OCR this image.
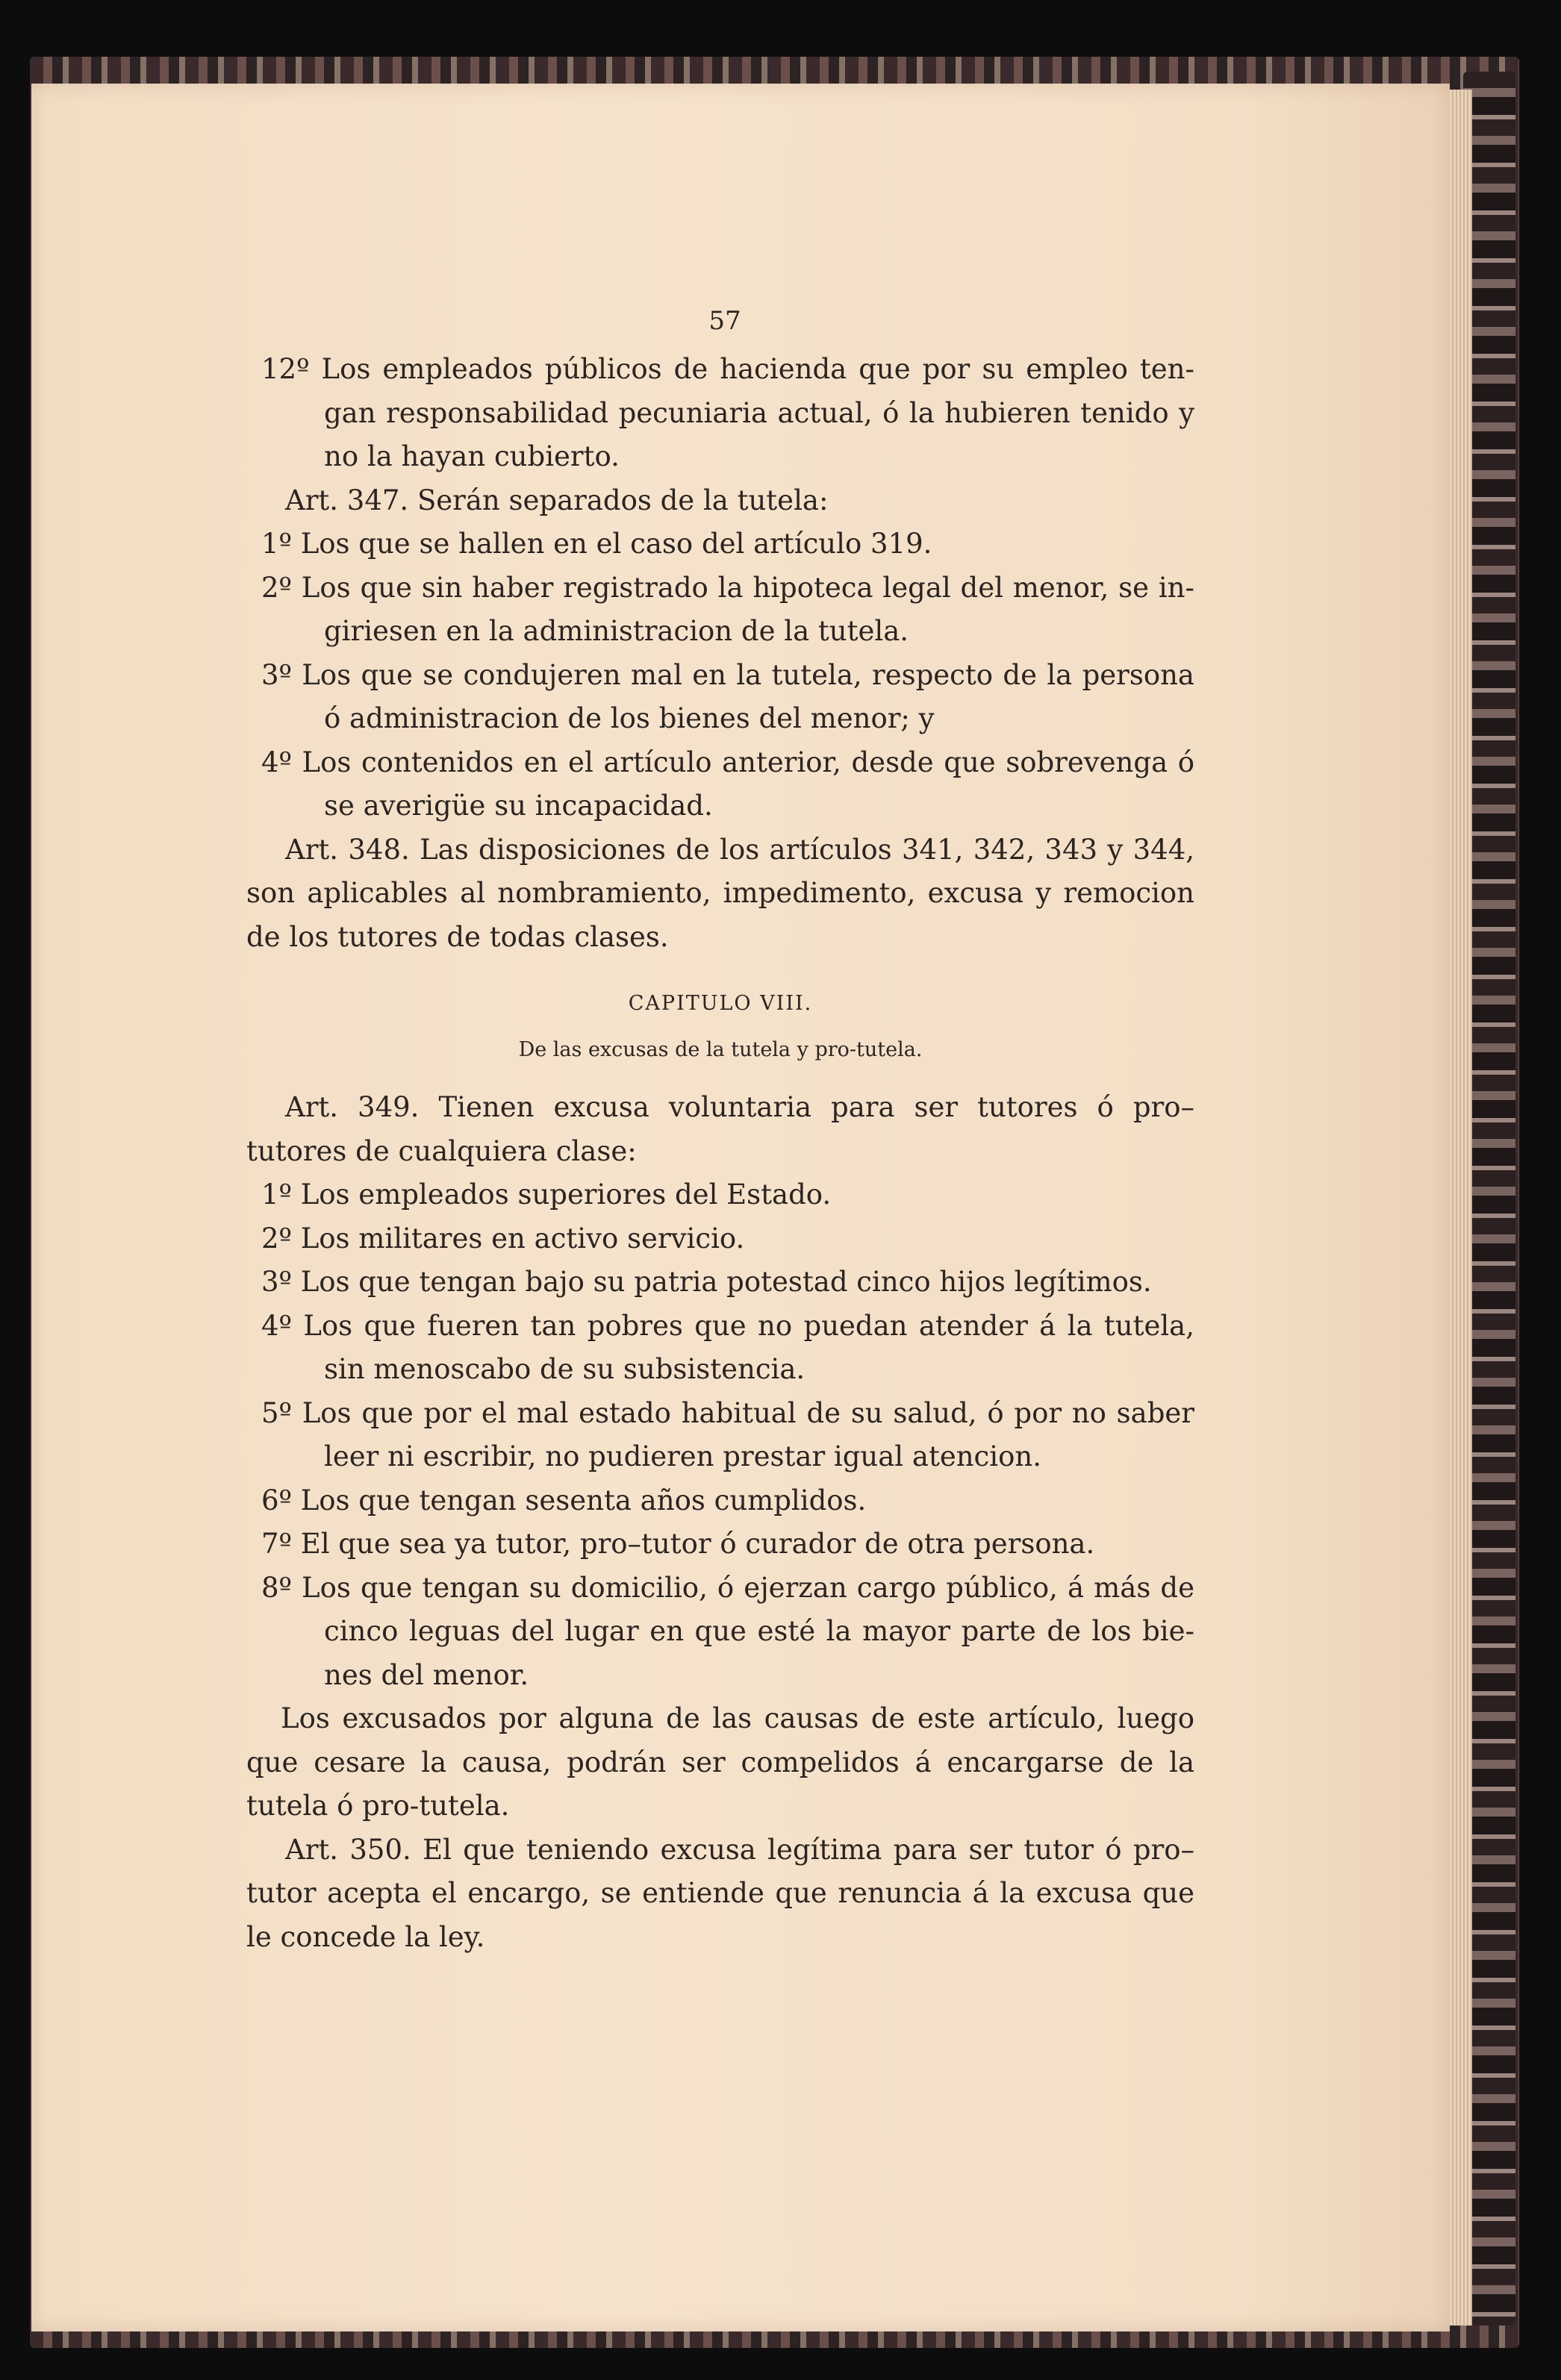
57

12º Los empleados públicos de hacienda que por su empleo ten-gan responsabilidad pecuniaria actual, ó la hubieren tenido y no la hayan cubierto.

Art. 347. Serán separados de la tutela:

1º Los que se hallen en el caso del artículo 319.

2º Los que sin haber registrado la hipoteca legal del menor, se in-giriesen en la administracion de la tutela.

3º Los que se condujeren mal en la tutela, respecto de la persona ó administracion de los bienes del menor; y

4º Los contenidos en el artículo anterior, desde que sobrevenga ó se averigüe su incapacidad.

Art. 348. Las disposiciones de los artículos 341, 342, 343 y 344, son aplicables al nombramiento, impedimento, excusa y remocion de los tutores de todas clases.

CAPITULO VIII.

De las excusas de la tutela y pro-tutela.

Art. 349. Tienen excusa voluntaria para ser tutores ó pro–tutores de cualquiera clase:

1º Los empleados superiores del Estado.

2º Los militares en activo servicio.

3º Los que tengan bajo su patria potestad cinco hijos legítimos.

4º Los que fueren tan pobres que no puedan atender á la tutela, sin menoscabo de su subsistencia.

5º Los que por el mal estado habitual de su salud, ó por no saber leer ni escribir, no pudieren prestar igual atencion.

6º Los que tengan sesenta años cumplidos.

7º El que sea ya tutor, pro–tutor ó curador de otra persona.

8º Los que tengan su domicilio, ó ejerzan cargo público, á más de cinco leguas del lugar en que esté la mayor parte de los bie-nes del menor.

Los excusados por alguna de las causas de este artículo, luego que cesare la causa, podrán ser compelidos á encargarse de la tutela ó pro-tutela.

Art. 350. El que teniendo excusa legítima para ser tutor ó pro–tutor acepta el encargo, se entiende que renuncia á la excusa que le concede la ley.
